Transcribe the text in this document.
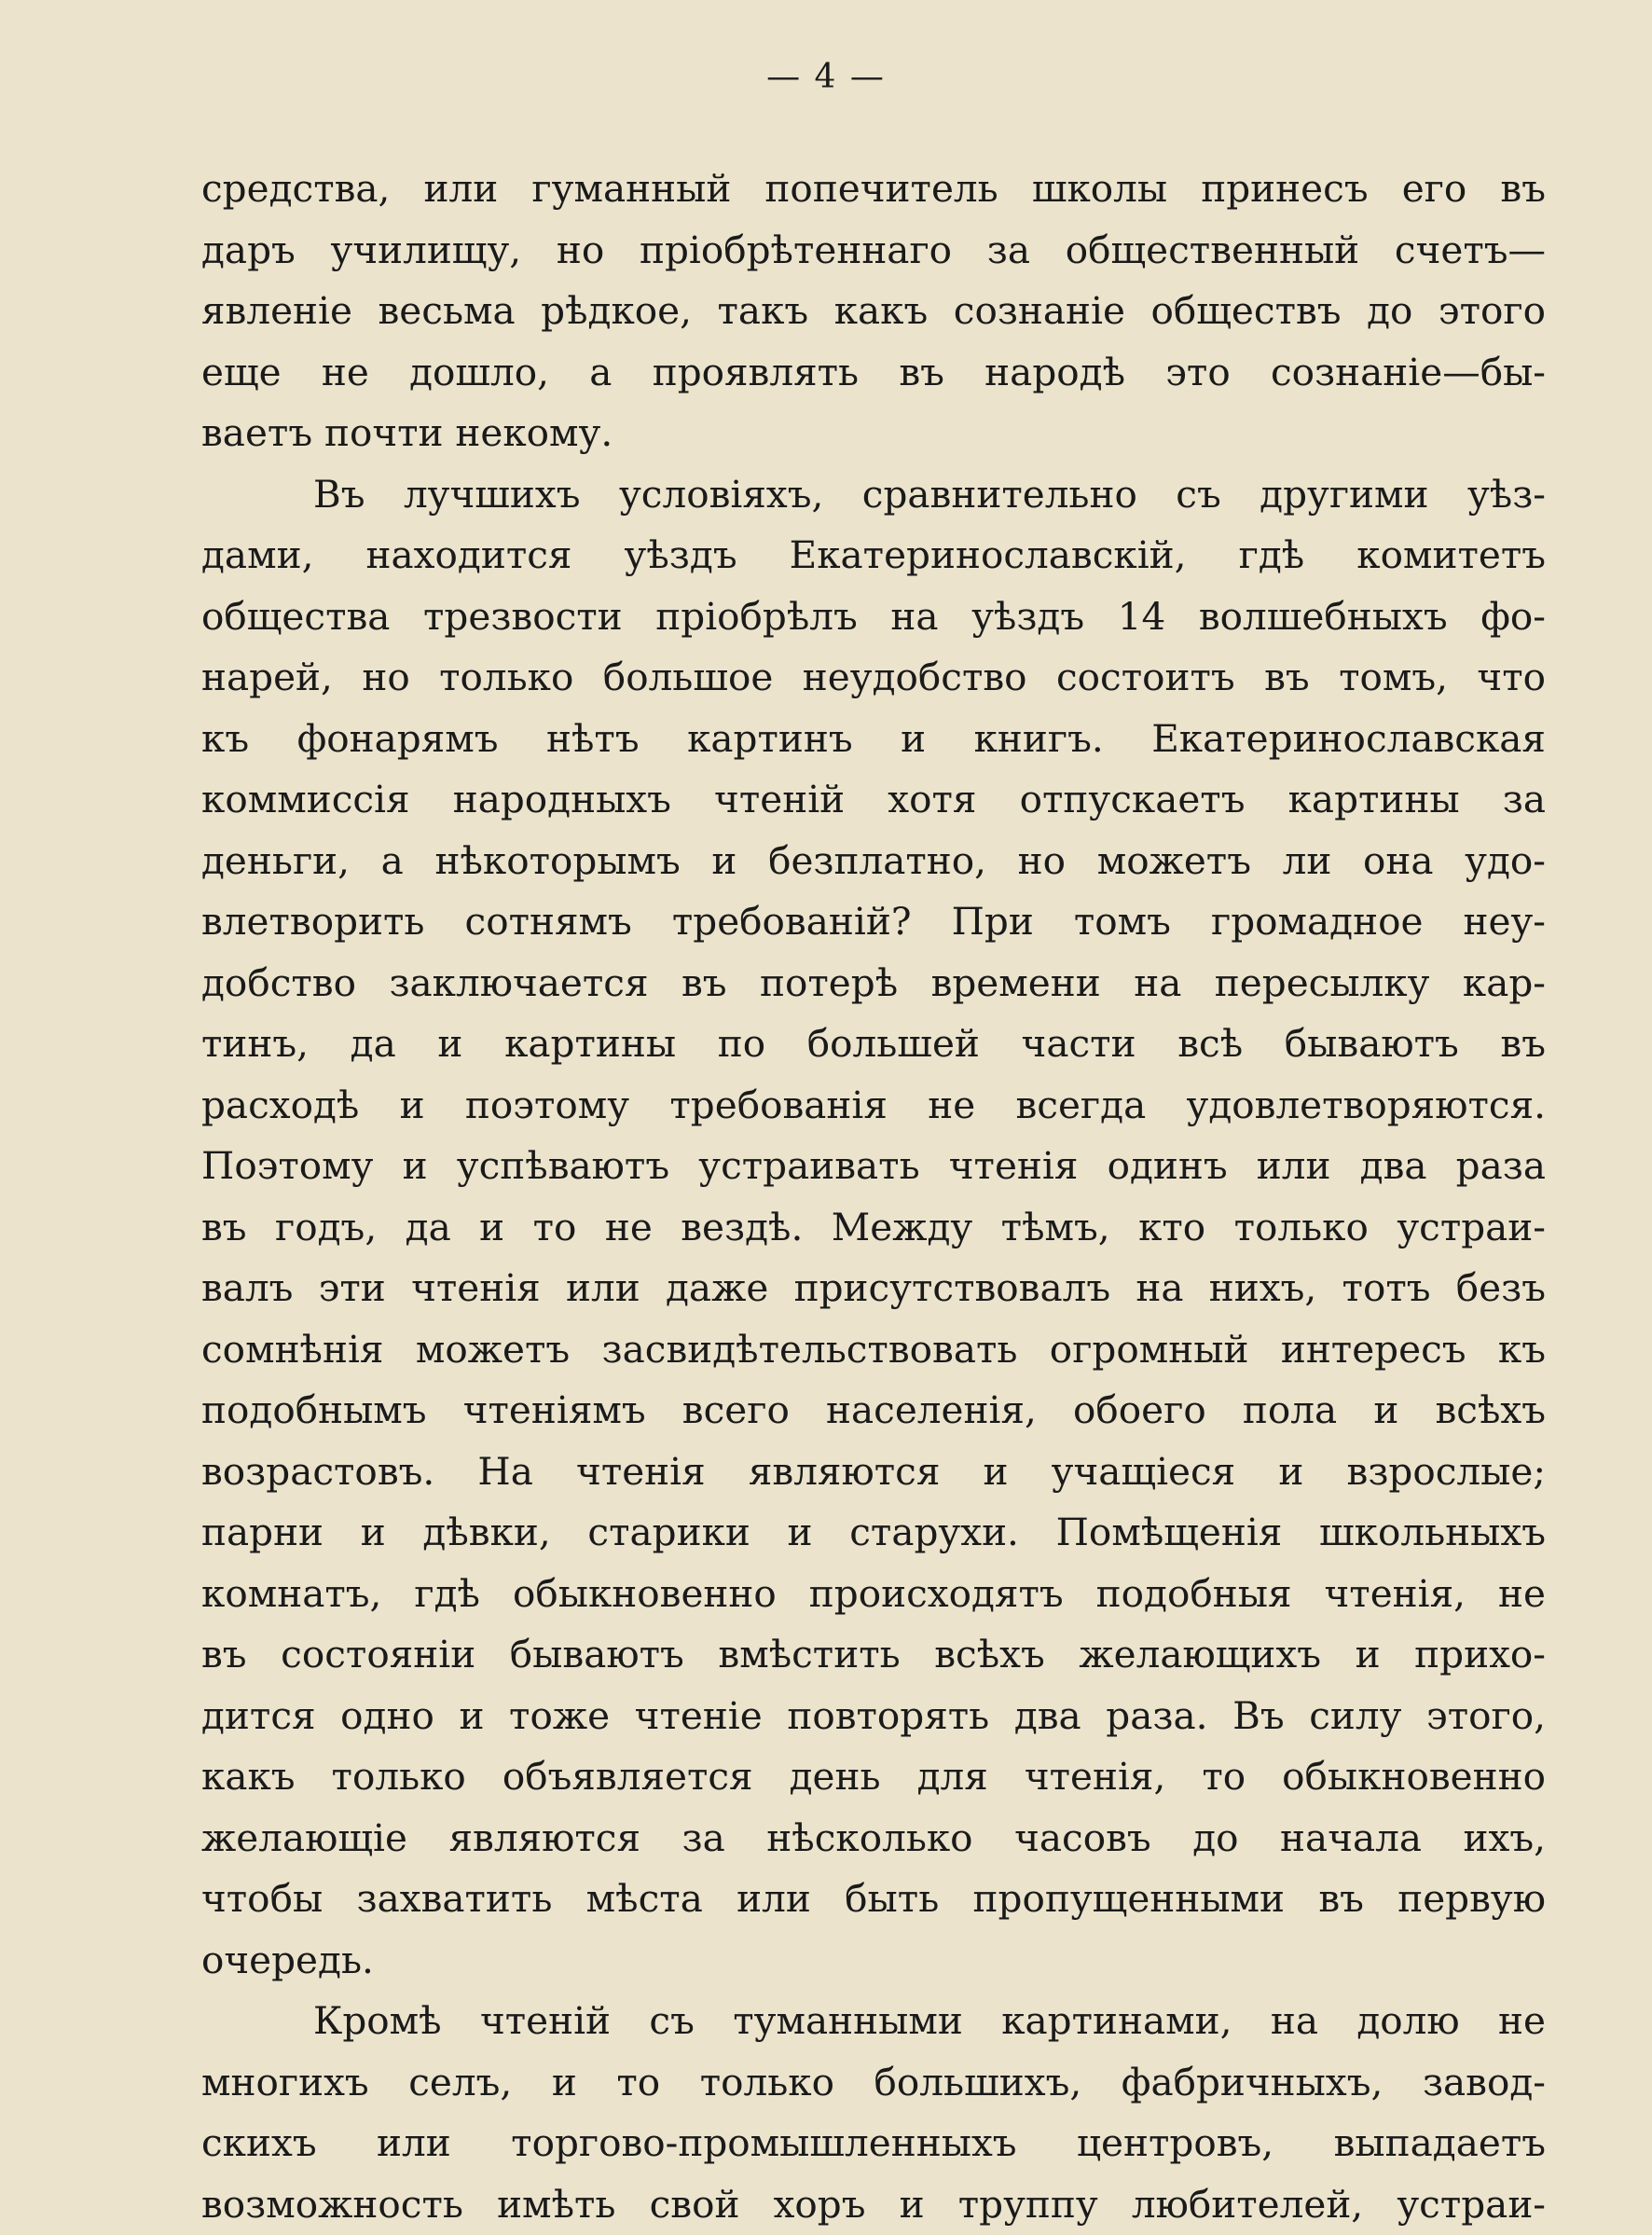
— 4 —

средства, или гуманный попечитель школы принесъ его въ
даръ училищу, но пріобрѣтеннаго за общественный счетъ—
явленіе весьма рѣдкое, такъ какъ сознаніе обществъ до этого
еще не дошло, а проявлять въ народѣ это сознаніе—бы-
ваетъ почти некому.

Въ лучшихъ условіяхъ, сравнительно съ другими уѣз-
дами, находится уѣздъ Екатеринославскій, гдѣ комитетъ
общества трезвости пріобрѣлъ на уѣздъ 14 волшебныхъ фо-
нарей, но только большое неудобство состоитъ въ томъ, что
къ фонарямъ нѣтъ картинъ и книгъ. Екатеринославская
коммиссія народныхъ чтеній хотя отпускаетъ картины за
деньги, а нѣкоторымъ и безплатно, но можетъ ли она удо-
влетворить сотнямъ требованій? При томъ громадное неу-
добство заключается въ потерѣ времени на пересылку кар-
тинъ, да и картины по большей части всѣ бываютъ въ
расходѣ и поэтому требованія не всегда удовлетворяются.
Поэтому и успѣваютъ устраивать чтенія одинъ или два раза
въ годъ, да и то не вездѣ. Между тѣмъ, кто только устраи-
валъ эти чтенія или даже присутствовалъ на нихъ, тотъ безъ
сомнѣнія можетъ засвидѣтельствовать огромный интересъ къ
подобнымъ чтеніямъ всего населенія, обоего пола и всѣхъ
возрастовъ. На чтенія являются и учащіеся и взрослые;
парни и дѣвки, старики и старухи. Помѣщенія школьныхъ
комнатъ, гдѣ обыкновенно происходятъ подобныя чтенія, не
въ состояніи бываютъ вмѣстить всѣхъ желающихъ и прихо-
дится одно и тоже чтеніе повторять два раза. Въ силу этого,
какъ только объявляется день для чтенія, то обыкновенно
желающіе являются за нѣсколько часовъ до начала ихъ,
чтобы захватить мѣста или быть пропущенными въ первую
очередь.

Кромѣ чтеній съ туманными картинами, на долю не
многихъ селъ, и то только большихъ, фабричныхъ, завод-
скихъ или торгово-промышленныхъ центровъ, выпадаетъ
возможность имѣть свой хоръ и труппу любителей, устраи-
